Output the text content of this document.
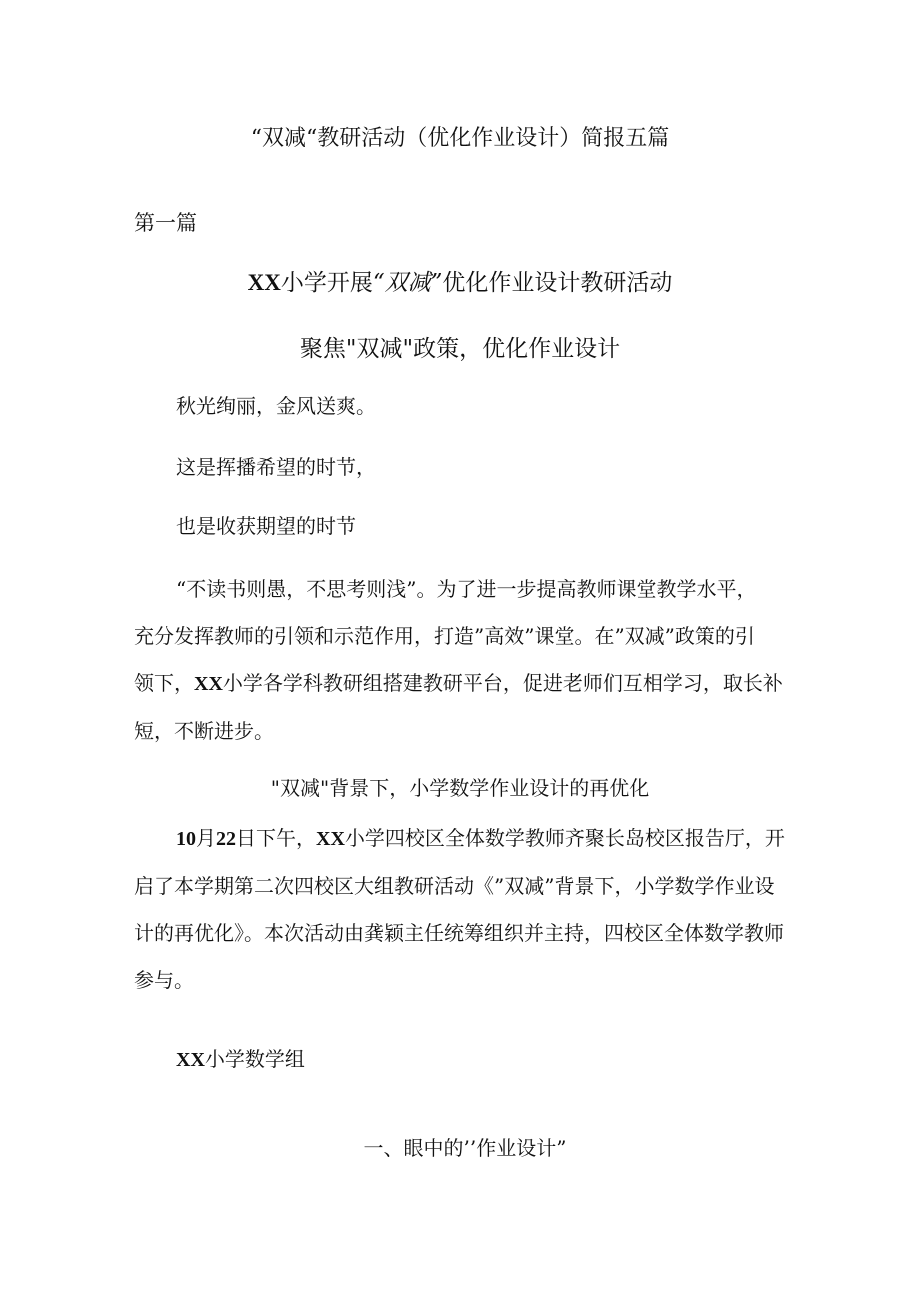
“双减“教研活动（优化作业设计）简报五篇
第一篇
XX小学开展“双减”优化作业设计教研活动
聚焦"双减"政策，优化作业设计
秋光绚丽，金风送爽。
这是挥播希望的时节，
也是收获期望的时节
“不读书则愚，不思考则浅”。为了进一步提高教师课堂教学水平，
充分发挥教师的引领和示范作用，打造”高效”课堂。在”双减”政策的引
领下，XX小学各学科教研组搭建教研平台，促进老师们互相学习，取长补
短，不断进步。
"双减"背景下，小学数学作业设计的再优化
10月22日下午，XX小学四校区全体数学教师齐聚长岛校区报告厅，开
启了本学期第二次四校区大组教研活动《”双减”背景下，小学数学作业设
计的再优化》。本次活动由龚颖主任统筹组织并主持，四校区全体数学教师
参与。
XX小学数学组
一、眼中的’’作业设计”
